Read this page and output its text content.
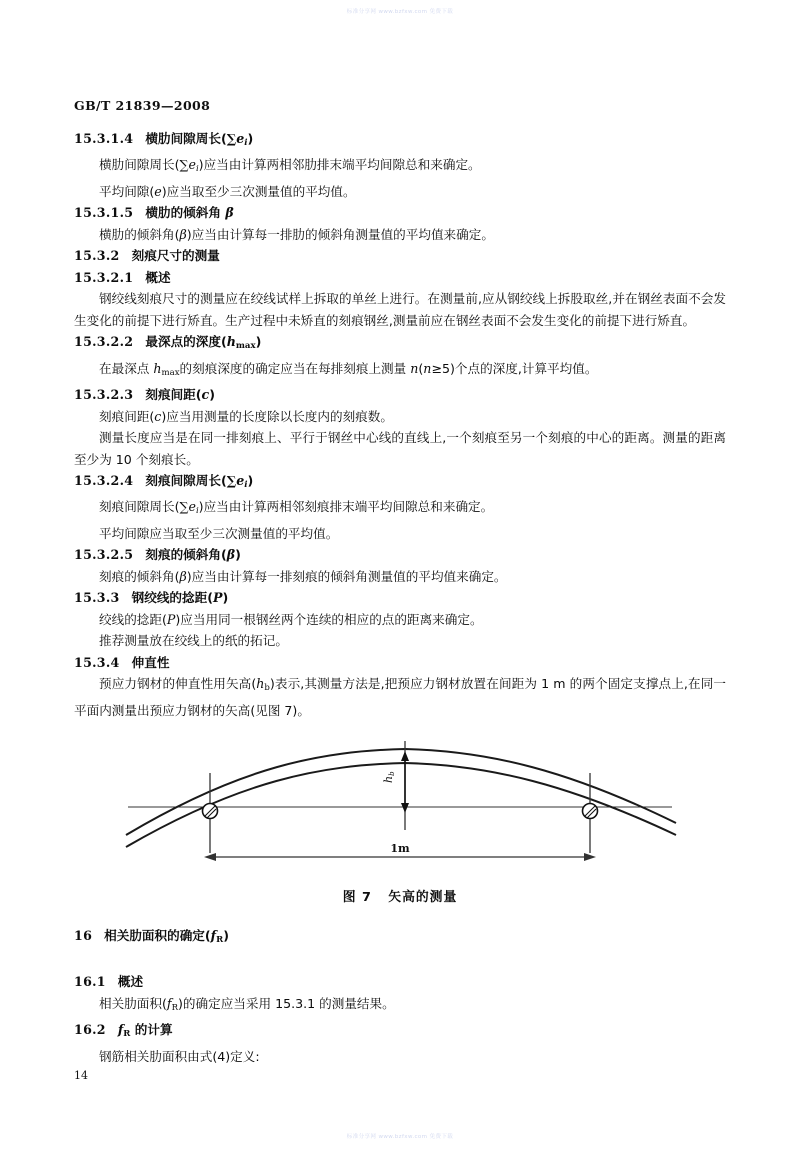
标准分享网 www.bzfxw.com 免费下载
GB/T 21839—2008
15.3.1.4 横肋间隙周长$(\sum e_i)$
横肋间隙周长$(\sum e_i)$应当由计算两相邻肋排末端平均间隙总和来确定。
平均间隙(e)应当取至少三次测量值的平均值。
15.3.1.5 横肋的倾斜角 β
横肋的倾斜角(β)应当由计算每一排肋的倾斜角测量值的平均值来确定。
15.3.2 刻痕尺寸的测量
15.3.2.1 概述
钢绞线刻痕尺寸的测量应在绞线试样上拆取的单丝上进行。在测量前,应从钢绞线上拆股取丝,并在钢丝表面不会发生变化的前提下进行矫直。生产过程中未矫直的刻痕钢丝,测量前应在钢丝表面不会发生变化的前提下进行矫直。
15.3.2.2 最深点的深度$(h_{max})$
在最深点 $h_{max}$的刻痕深度的确定应当在每排刻痕上测量 n(n≥5)个点的深度,计算平均值。
15.3.2.3 刻痕间距(c)
刻痕间距(c)应当用测量的长度除以长度内的刻痕数。
测量长度应当是在同一排刻痕上、平行于钢丝中心线的直线上,一个刻痕至另一个刻痕的中心的距离。测量的距离至少为 10 个刻痕长。
15.3.2.4 刻痕间隙周长$(\sum e_i)$
刻痕间隙周长$(\sum e_i)$应当由计算两相邻刻痕排末端平均间隙总和来确定。
平均间隙应当取至少三次测量值的平均值。
15.3.2.5 刻痕的倾斜角(β)
刻痕的倾斜角(β)应当由计算每一排刻痕的倾斜角测量值的平均值来确定。
15.3.3 钢绞线的捻距(P)
绞线的捻距(P)应当用同一根钢丝两个连续的相应的点的距离来确定。
推荐测量放在绞线上的纸的拓记。
15.3.4 伸直性
预应力钢材的伸直性用矢高$(h_b)$表示,其测量方法是,把预应力钢材放置在间距为 1 m 的两个固定支撑点上,在同一平面内测量出预应力钢材的矢高(见图 7)。
hb
1m
图 7 矢高的测量
16 相关肋面积的确定$(f_R)$
16.1 概述
相关肋面积$(f_R)$的确定应当采用 15.3.1 的测量结果。
16.2 $f_R$ 的计算
钢筋相关肋面积由式(4)定义:
14
标准分享网 www.bzfxw.com 免费下载
